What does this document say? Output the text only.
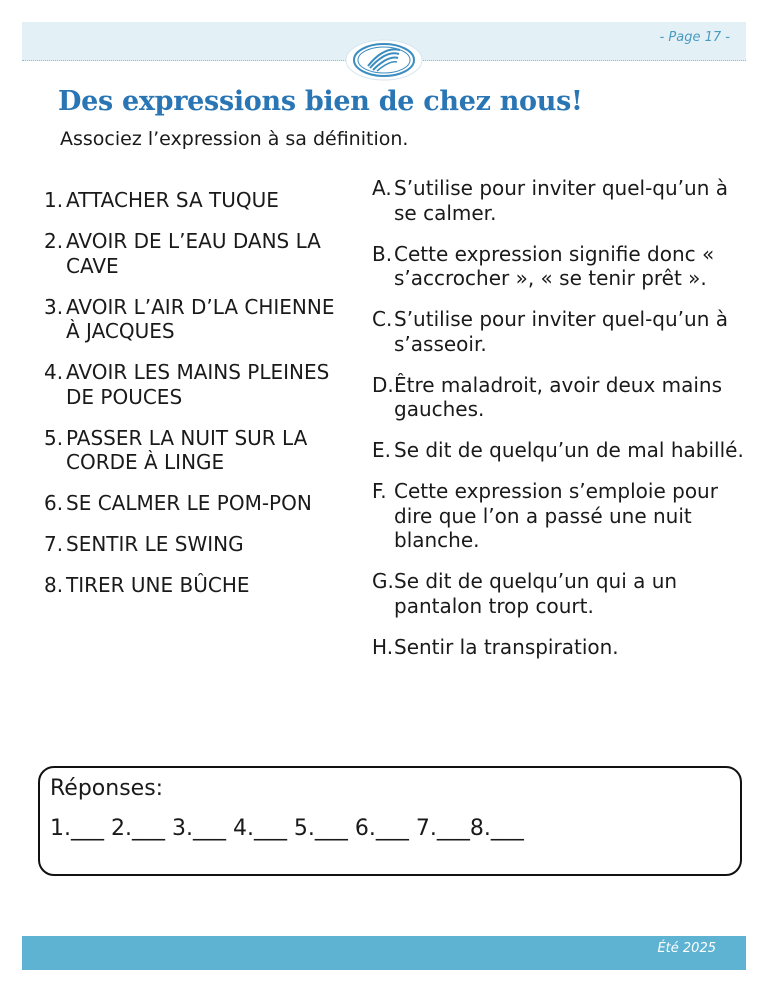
- Page 17 -
Des expressions bien de chez nous!
Associez l’expression à sa définition.
1. ATTACHER SA TUQUE
2. AVOIR DE L’EAU DANS LA CAVE
3. AVOIR L’AIR D’LA CHIENNE À JACQUES
4. AVOIR LES MAINS PLEINES DE POUCES
5. PASSER LA NUIT SUR LA CORDE À LINGE
6. SE CALMER LE POM-PON
7. SENTIR LE SWING
8. TIRER UNE BÛCHE
A. S’utilise pour inviter quel-qu’un à se calmer.
B. Cette expression signifie donc « s’accrocher », « se tenir prêt ».
C. S’utilise pour inviter quel-qu’un à s’asseoir.
D. Être maladroit, avoir deux mains gauches.
E. Se dit de quelqu’un de mal habillé.
F. Cette expression s’emploie pour dire que l’on a passé une nuit blanche.
G. Se dit de quelqu’un qui a un pantalon trop court.
H. Sentir la transpiration.
Réponses:
1.___ 2.___ 3.___ 4.___ 5.___ 6.___ 7.___8.___
Été 2025
